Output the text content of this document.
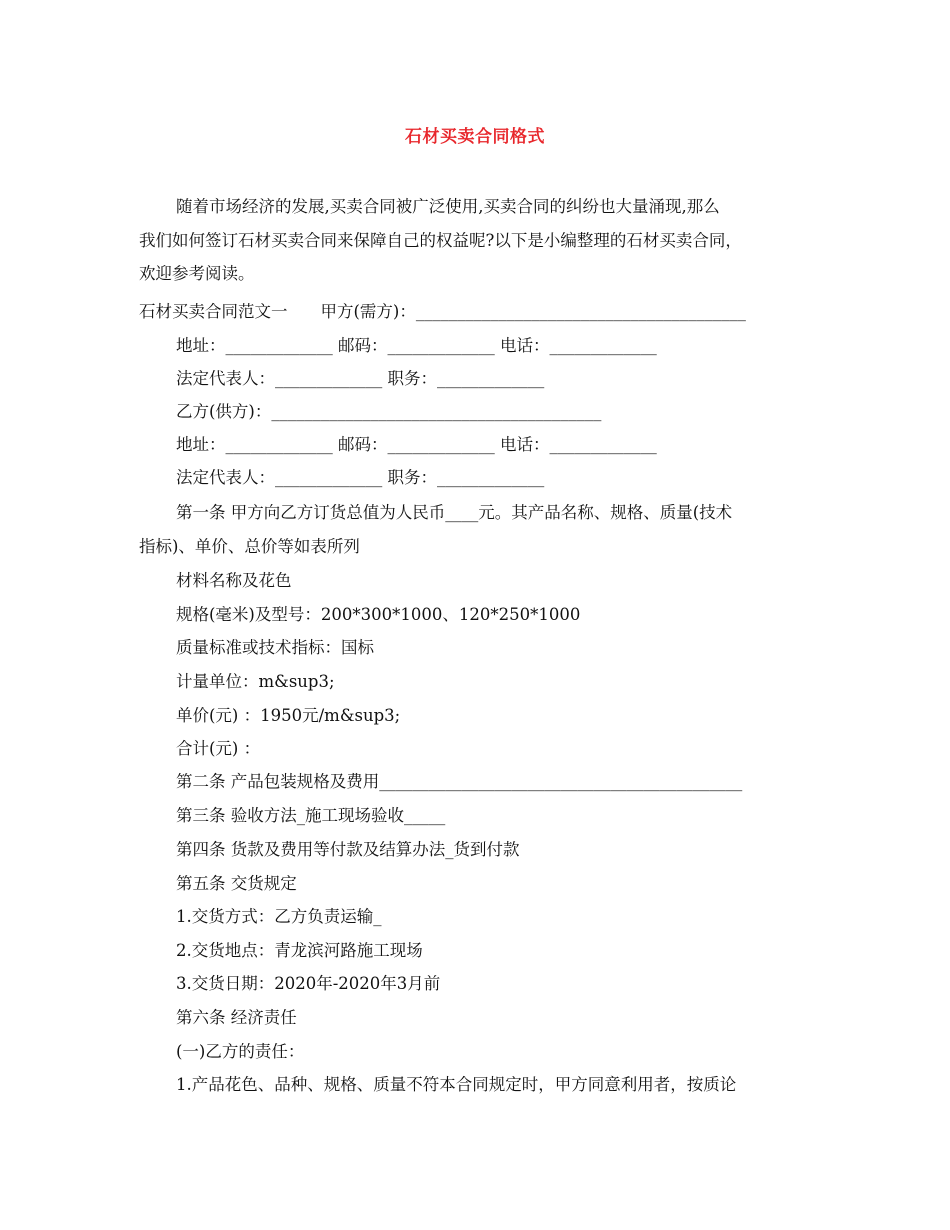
石材买卖合同格式
随着市场经济的发展,买卖合同被广泛使用,买卖合同的纠纷也大量涌现,那么
我们如何签订石材买卖合同来保障自己的权益呢?以下是小编整理的石材买卖合同，
欢迎参考阅读。
石材买卖合同范文一　　甲方(需方)：________________________________________
地址：_____________ 邮码：_____________ 电话：_____________
法定代表人：_____________ 职务：_____________
乙方(供方)：________________________________________
地址：_____________ 邮码：_____________ 电话：_____________
法定代表人：_____________ 职务：_____________
第一条 甲方向乙方订货总值为人民币____元。其产品名称、规格、质量(技术
指标)、单价、总价等如表所列
材料名称及花色
规格(毫米)及型号：200*300*1000、120*250*1000
质量标准或技术指标：国标
计量单位：m&sup3;
单价(元) ：1950元/m&sup3;
合计(元) ：
第二条 产品包装规格及费用____________________________________________
第三条 验收方法_施工现场验收_____
第四条 货款及费用等付款及结算办法_货到付款
第五条 交货规定
1.交货方式：乙方负责运输_
2.交货地点：青龙滨河路施工现场
3.交货日期：2020年-2020年3月前
第六条 经济责任
(一)乙方的责任：
1.产品花色、品种、规格、质量不符本合同规定时，甲方同意利用者，按质论
